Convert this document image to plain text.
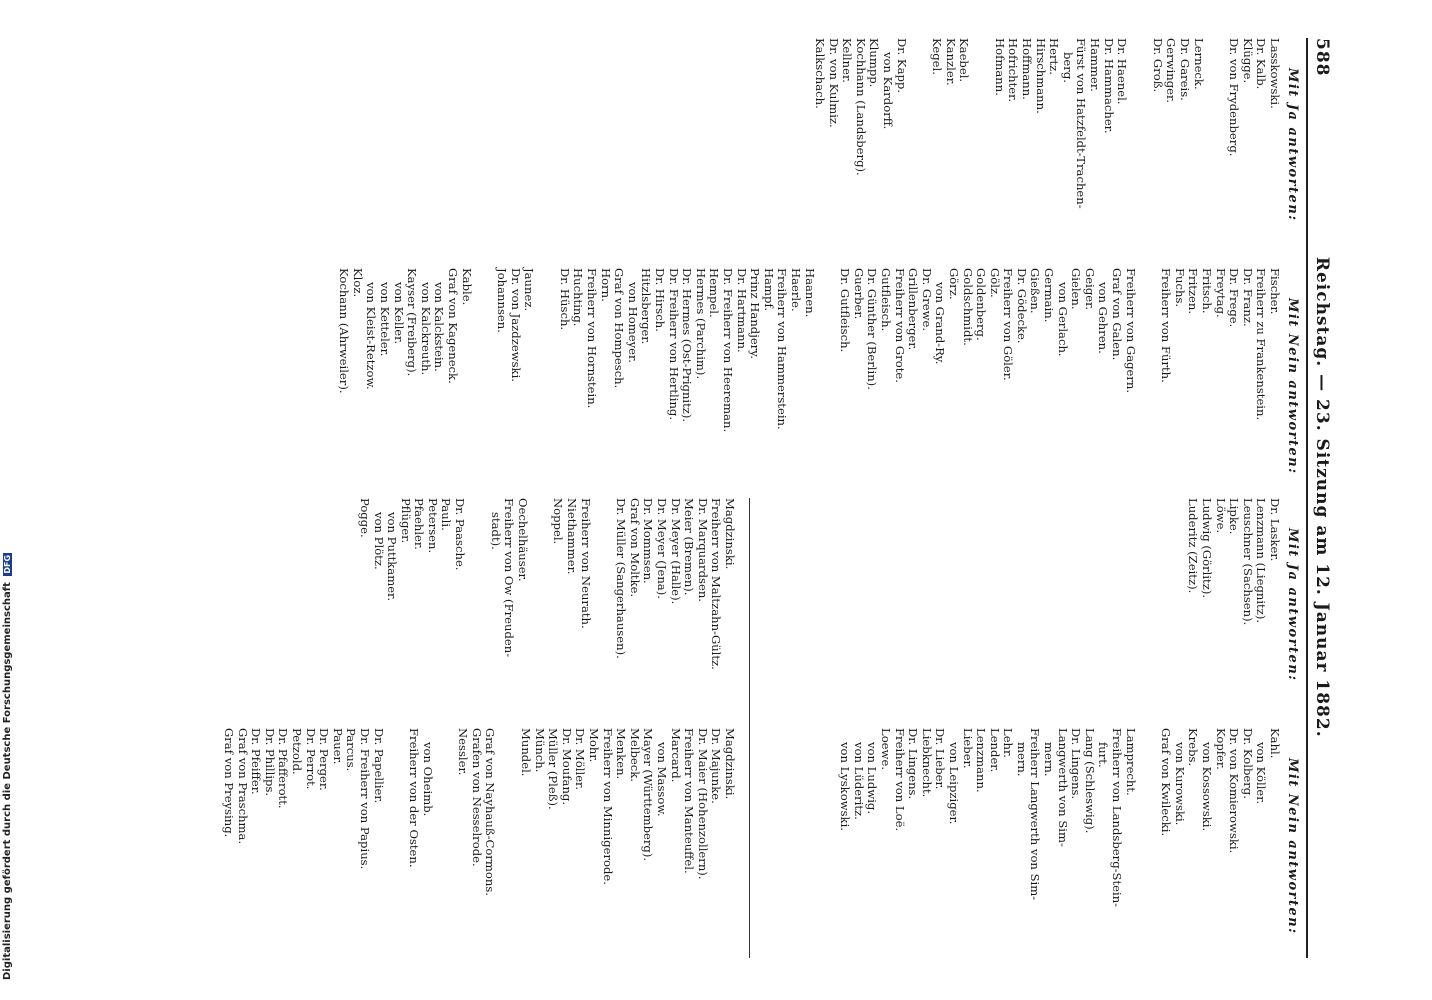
588
Reichstag. — 23. Sitzung am 12. Januar 1882.
Mit Ja antworten:
Lasskowski.
Dr. Kalb.
Klügge.
Dr. von Frydenberg.
Lerneck.
Dr. Gareis.
Gerwinger.
Dr. Groß.
Dr. Haenel.
Dr. Hammacher.
Hammer.
Fürst von Hatzfeldt-Trachen-
berg.
Hertz.
Hirschmann.
Hoffmann.
Hofrichter.
Hofmann.
Kaebel.
Kanzler.
Kegel.
Dr. Kapp.
von Kardorff.
Klumpp.
Kochhann (Landsberg).
Kellner.
Dr. von Kulmiz.
Kalkschach.
Mit Nein antworten:
Fischer.
Freiherr zu Frankenstein.
Dr. Franz.
Dr. Frege.
Freytag.
Fritsch.
Fritzen.
Fuchs.
Freiherr von Fürth.
Freiherr von Gagern.
Graf von Galen.
von Gehren.
Geiger.
Gielen.
von Gerlach.
Germain.
Gießen.
Dr. Gödecke.
Freiherr von Göler.
Gölz.
Goldenberg.
Goldschmidt.
Görz.
von Grand-Ry.
Dr. Grewe.
Grillenberger.
Freiherr von Grote.
Gutfleisch.
Dr. Günther (Berlin).
Guerber.
Dr. Gutfleisch.
Haanen.
Haerle.
Freiherr von Hammerstein.
Hampf.
Prinz Handjery.
Dr. Hartmann.
Dr. Freiherr von Heereman.
Hempel.
Hermes (Parchim).
Dr. Hermes (Ost-Prignitz).
Dr. Freiherr von Hertling.
Dr. Hirsch.
Hitzlsberger.
von Homeyer.
Graf von Hompesch.
Horn.
Freiherr von Hornstein.
Huchting.
Dr. Hüsch.
Jaunez.
Dr. von Jazdzewski.
Johannsen.
Kable.
Graf von Kageneck.
von Kalckstein.
von Kalckreuth.
Kayser (Freiberg).
von Keller.
von Ketteler.
von Kleist-Retzow.
Kloz.
Kochann (Ahrweiler).
Mit Ja antworten:
Dr. Lasker.
Lenzmann (Liegnitz).
Leuschner (Sachsen).
Lipke.
Löwe.
Ludwig (Görlitz).
Luderitz (Zeitz).
Mit Nein antworten:
Kahl.
von Köller.
Dr. Kolberg.
Dr. von Komierowski.
Kopfer.
von Kossowski.
Krebs.
von Kurowski.
Graf von Kwilecki.
Lamprecht.
Freiherr von Landsberg-Stein-
furt.
Lang (Schleswig).
Dr. Lingens.
Langwerth von Sim-
mern.
Freiherr Langwerth von Sim-
mern.
Lehr.
Lender.
Lenzmann.
Lieber.
von Leipziger.
Dr. Lieber.
Liebknecht.
Dr. Lingens.
Freiherr von Loë.
Loewe.
von Ludwig.
von Lüderitz.
von Lyskowski.
Magdzinski.
Freiherr von Maltzahn-Gültz.
Dr. Marquardsen.
Meier (Bremen).
Dr. Meyer (Halle).
Dr. Meyer (Jena).
Dr. Mommsen.
Graf von Moltke.
Dr. Müller (Sangerhausen).
Freiherr von Neurath.
Niethammer.
Noppel.
Oechelhäuser.
Freiherr von Ow (Freuden-
stadt).
Dr. Paasche.
Pauli.
Petersen.
Pfaehler.
Pflüger.
von Puttkamer.
von Plötz.
Pogge.
Magdzinski.
Dr. Majunke.
Dr. Maier (Hohenzollern).
Freiherr von Manteuffel.
Marcard.
von Massow.
Mayer (Württemberg).
Melbeck.
Menken.
Freiherr von Minnigerode.
Mohr.
Dr. Möller.
Dr. Moufang.
Müller (Pleß).
Münch.
Mundel.
Graf von Nayhauß-Cormons.
Grafen von Nesselrode.
Nessler.
von Oheimb.
Freiherr von der Osten.
Dr. Papellier.
Dr. Freiherr von Papius.
Parcus.
Pauer.
Dr. Perger.
Dr. Perrot.
Petzold.
Dr. Pfafferott.
Dr. Phillips.
Dr. Pfeiffer.
Graf von Praschma.
Graf von Preysing.
Digitalisierung gefördert durch die Deutsche Forschungsgemeinschaft DFG
